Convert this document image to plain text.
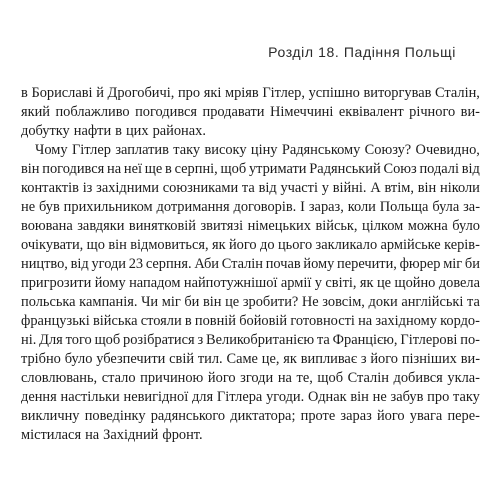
Розділ 18. Падіння Польщі
в Бориславі й Дрогобичі, про які мріяв Гітлер, успішно виторгував Сталін,
який поблажливо погодився продавати Німеччині еквівалент річного ви-
добутку нафти в цих районах.
Чому Гітлер заплатив таку високу ціну Радянському Союзу? Очевидно,
він погодився на неї ще в серпні, щоб утримати Радянський Союз подалі від
контактів із західними союзниками та від участі у війні. А втім, він ніколи
не був прихильником дотримання договорів. І зараз, коли Польща була за-
воювана завдяки винятковій звитязі німецьких військ, цілком можна було
очікувати, що він відмовиться, як його до цього закликало армійське керів-
ництво, від угоди 23 серпня. Аби Сталін почав йому перечити, фюрер міг би
пригрозити йому нападом найпотужнішої армії у світі, як це щойно довела
польська кампанія. Чи міг би він це зробити? Не зовсім, доки англійські та
французькі війська стояли в повній бойовій готовності на західному кордо-
ні. Для того щоб розібратися з Великобританією та Францією, Гітлерові по-
трібно було убезпечити свій тил. Саме це, як випливає з його пізніших ви-
словлювань, стало причиною його згоди на те, щоб Сталін добився укла-
дення настільки невигідної для Гітлера угоди. Однак він не забув про таку
викличну поведінку радянського диктатора; проте зараз його увага пере-
містилася на Західний фронт.
